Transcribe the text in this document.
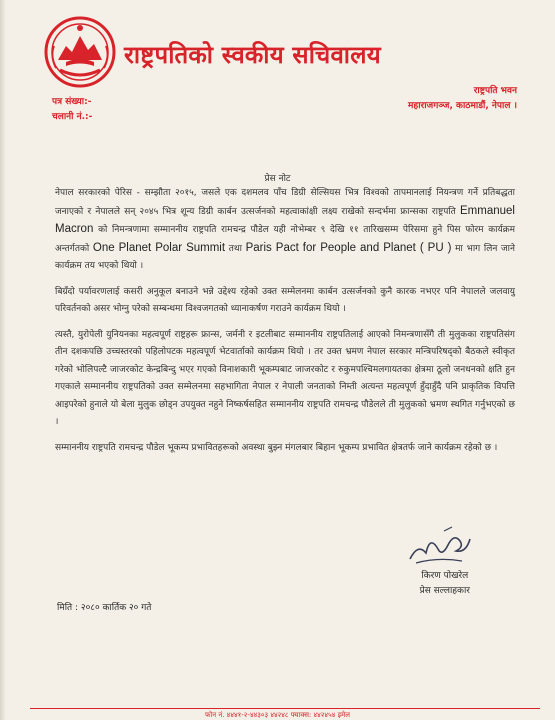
राष्ट्रपतिको स्वकीय सचिवालय
राष्ट्रपति भवन
महाराजगञ्ज, काठमाडौं, नेपाल ।
पत्र संख्या:-
चलानी नं.:-
प्रेस नोट

नेपाल सरकारको पेरिस - सम्झौता २०१५, जसले एक दशमलव पाँच डिग्री सेल्सियस भित्र विश्वको तापमानलाई नियन्त्रण गर्ने प्रतिबद्धता जनाएको र नेपालले सन् २०४५ भित्र शून्य डिग्री कार्बन उत्सर्जनको महत्वाकांक्षी लक्ष्य राखेको सन्दर्भमा फ्रान्सका राष्ट्रपति Emmanuel Macron को निमन्त्रणामा सम्माननीय राष्ट्रपति रामचन्द्र पौडेल यही नोभेम्बर ९ देखि ११ तारिखसम्म पेरिसमा हुने पिस फोरम कार्यक्रम अन्तर्गतको One Planet Polar Summit तथा Paris Pact for People and Planet ( PU ) मा भाग लिन जाने कार्यक्रम तय भएको थियो ।

बिग्रँदो पर्यावरणलाई कसरी अनुकूल बनाउने भन्ने उद्देश्य रहेको उक्त सम्मेलनमा कार्बन उत्सर्जनको कुनै कारक नभएर पनि नेपालले जलवायु परिवर्तनको असर भोग्नु परेको सम्बन्धमा विश्वजगतको ध्यानाकर्षण गराउने कार्यक्रम थियो ।

त्यस्तै, युरोपेली युनियनका महत्वपूर्ण राष्ट्रहरू फ्रान्स, जर्मनी र इटलीबाट सम्माननीय राष्ट्रपतिलाई आएको निमन्त्रणासँगै ती मुलुकका राष्ट्रपतिसंग तीन दशकपछि उच्चस्तरको पहिलोपटक महत्वपूर्ण भेटवार्ताको कार्यक्रम थियो । तर उक्त भ्रमण नेपाल सरकार मन्त्रिपरिषद्को बैठकले स्वीकृत गरेको भोलिपल्टै जाजरकोट केन्द्रबिन्दु भएर गएको विनाशकारी भूकम्पबाट जाजरकोट र रुकुमपश्चिमलगायतका क्षेत्रमा ठूलो जनधनको क्षति हुन गएकाले सम्माननीय राष्ट्रपतिको उक्त सम्मेलनमा सहभागिता नेपाल र नेपाली जनताको निम्ती अत्यन्त महत्वपूर्ण हुँदाहुँदै पनि प्राकृतिक विपत्ति आइपरेको हुनाले यो बेला मुलुक छोड्न उपयुक्त नहुने निष्कर्षसहित सम्माननीय राष्ट्रपति रामचन्द्र पौडेलले ती मुलुकको भ्रमण स्थगित गर्नुभएको छ ।

सम्माननीय राष्ट्रपति रामचन्द्र पौडेल भूकम्प प्रभावितहरूको अवस्था बुझ्न मंगलबार बिहान भूकम्प प्रभावित क्षेत्रतर्फ जाने कार्यक्रम रहेको छ ।

किरण पोखरेल
प्रेस सल्लाहकार
मिति : २०८० कार्तिक २० गते
फोन नं. ४४४१-२-४४३०३ ४४२४८ फ्याक्स: ४४२४५४ इमेल
